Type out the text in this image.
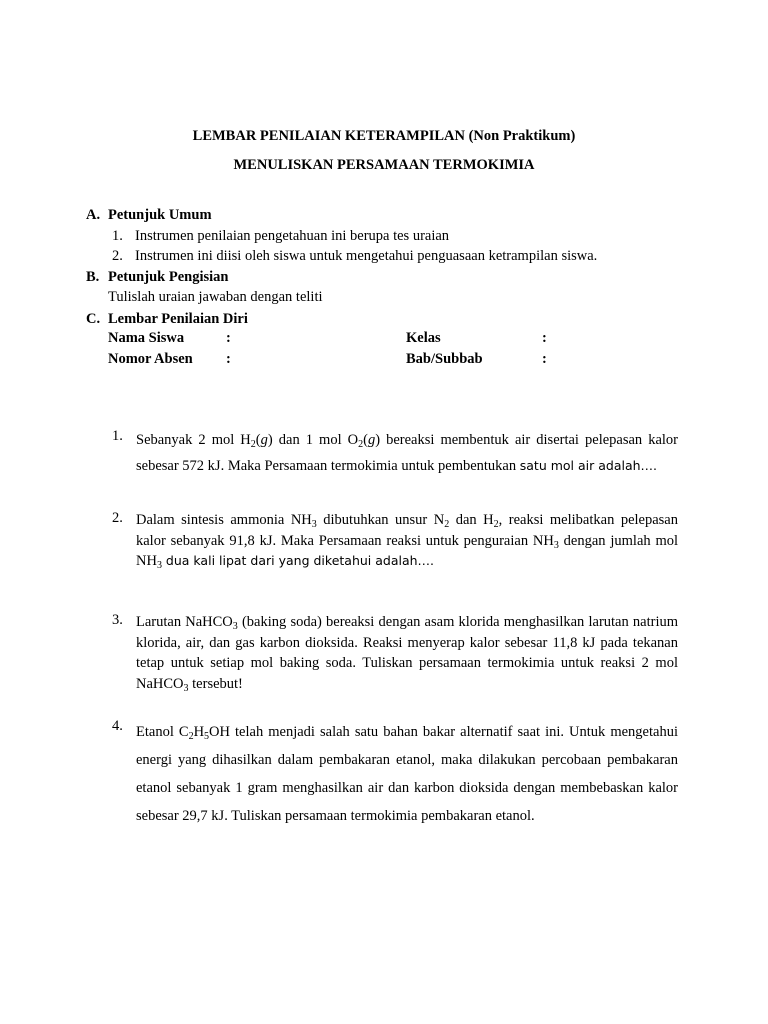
LEMBAR PENILAIAN KETERAMPILAN (Non Praktikum)
MENULISKAN PERSAMAAN TERMOKIMIA
A. Petunjuk Umum
1. Instrumen penilaian pengetahuan ini berupa tes uraian
2. Instrumen ini diisi oleh siswa untuk mengetahui penguasaan ketrampilan siswa.
B. Petunjuk Pengisian
Tulislah uraian jawaban dengan teliti
C. Lembar Penilaian Diri
Nama Siswa	:	Kelas	:
Nomor Absen :	Bab/Subbab	:
1. Sebanyak 2 mol $H_2(g)$ dan 1 mol $O_2(g)$ bereaksi membentuk air disertai pelepasan kalor sebesar 572 kJ. Maka Persamaan termokimia untuk pembentukan satu mol air adalah….
2. Dalam sintesis ammonia $NH_3$ dibutuhkan unsur $N_2$ dan $H_2$, reaksi melibatkan pelepasan kalor sebanyak 91,8 kJ. Maka Persamaan reaksi untuk penguraian $NH_3$ dengan jumlah mol $NH_3$ dua kali lipat dari yang diketahui adalah….
3. Larutan NaHCO$_3$ (baking soda) bereaksi dengan asam klorida menghasilkan larutan natrium klorida, air, dan gas karbon dioksida. Reaksi menyerap kalor sebesar 11,8 kJ pada tekanan tetap untuk setiap mol baking soda. Tuliskan persamaan termokimia untuk reaksi 2 mol NaHCO$_3$ tersebut!
4. Etanol $C_2H_5OH$ telah menjadi salah satu bahan bakar alternatif saat ini. Untuk mengetahui energi yang dihasilkan dalam pembakaran etanol, maka dilakukan percobaan pembakaran etanol sebanyak 1 gram menghasilkan air dan karbon dioksida dengan membebaskan kalor sebesar 29,7 kJ. Tuliskan persamaan termokimia pembakaran etanol.
